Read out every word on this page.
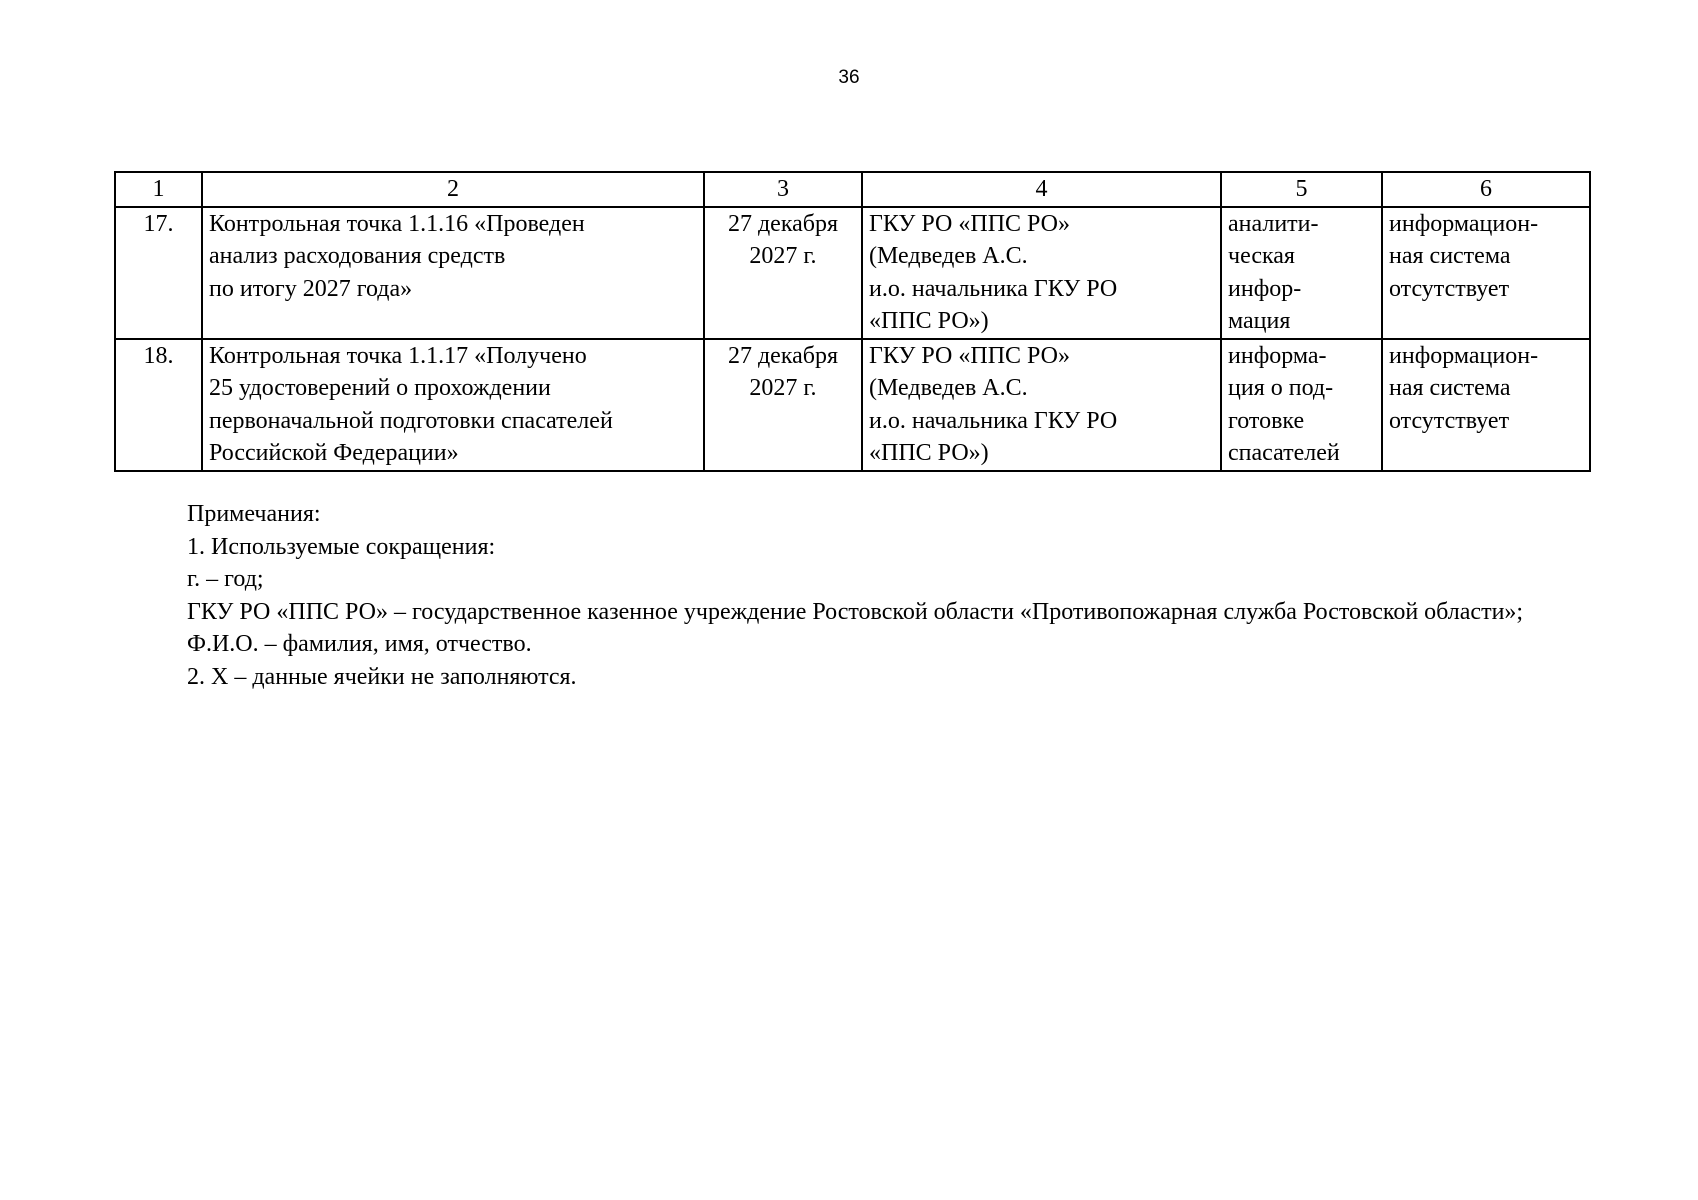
36
1	2	3	4	5	6
17.	Контрольная точка 1.1.16 «Проведен
анализ расходования средств
по итогу 2027 года»	27 декабря
2027 г.	ГКУ РО «ППС РО»
(Медведев А.С.
и.о. начальника ГКУ РО
«ППС РО»)	аналити-
ческая
инфор-
мация	информацион-
ная система
отсутствует

18.	Контрольная точка 1.1.17 «Получено
25 удостоверений о прохождении
первоначальной подготовки спасателей
Российской Федерации»	27 декабря
2027 г.	ГКУ РО «ППС РО»
(Медведев А.С.
и.о. начальника ГКУ РО
«ППС РО»)	информа-
ция о под-
готовке
спасателей	информацион-
ная система
отсутствует

Примечания:

1. Используемые сокращения:

г. – год;

ГКУ РО «ППС РО» – государственное казенное учреждение Ростовской области «Противопожарная служба Ростовской области»;

Ф.И.О. – фамилия, имя, отчество.

2. Х – данные ячейки не заполняются.
